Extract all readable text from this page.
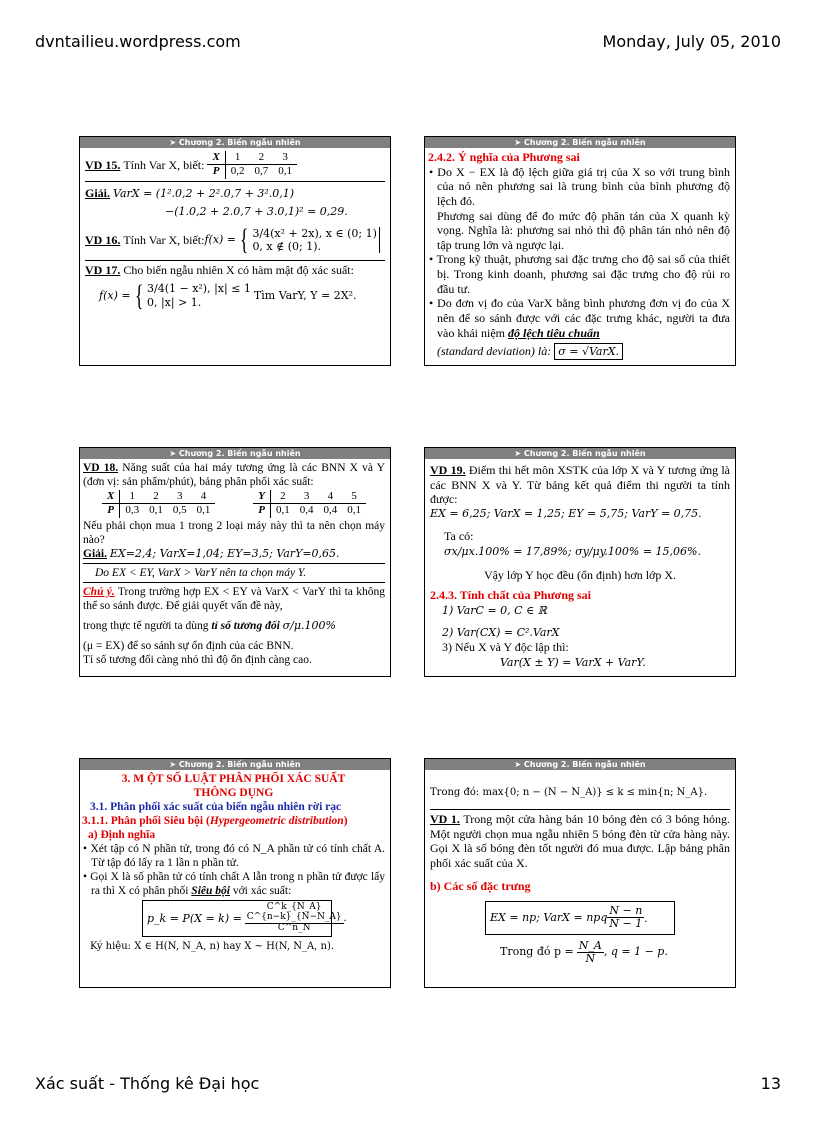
dvntailieu.wordpress.com	Monday, July 05, 2010
➤ Chương 2. Biến ngẫu nhiên
VD 15.
Tính Var X, biết:

X	1	2	3
P	0,2	0,7	0,1

Giải. VarX = (1².0,2 + 2².0,7 + 3².0,1)

−(1.0,2 + 2.0,7 + 3.0,1)² = 0,29.

VD 16.
Tính Var X, biết: f(x) = { 3/4(x² + 2x), x ∈ (0; 1)
0, x ∉ (0; 1).

VD 17. Cho biến ngẫu nhiên X có hàm mật độ xác suất:

f(x) = { 3/4(1 − x²), |x| ≤ 1
0, |x| > 1.

Tìm VarY, Y = 2X².
➤ Chương 2. Biến ngẫu nhiên

2.4.2. Ý nghĩa của Phương sai

• Do X − EX là độ lệch giữa giá trị của X so với trung bình của nó nên phương sai là trung bình của bình phương độ lệch đó.

Phương sai dùng để đo mức độ phân tán của X quanh kỳ vọng. Nghĩa là: phương sai nhỏ thì độ phân tán nhỏ nên độ tập trung lớn và ngược lại.

• Trong kỹ thuật, phương sai đặc trưng cho độ sai số của thiết bị. Trong kinh doanh, phương sai đặc trưng cho độ rủi ro đầu tư.

• Do đơn vị đo của VarX bằng bình phương đơn vị đo của X nên để so sánh được với các đặc trưng khác, người ta đưa vào khái niệm độ lệch tiêu chuẩn

(standard deviation) là: σ = √VarX.

➤ Chương 2. Biến ngẫu nhiên

VD 18. Năng suất của hai máy tương ứng là các BNN X và Y (đơn vị: sản phẩm/phút), bảng phân phối xác suất:

X	1	2	3	4
P	0,3	0,1	0,5	0,1
Y	2	3	4	5
P	0,1	0,4	0,4	0,1

Nếu phải chọn mua 1 trong 2 loại máy này thì ta nên chọn máy nào?

Giải. EX=2,4; VarX=1,04; EY=3,5; VarY=0,65.

Do EX < EY, VarX > VarY nên ta chọn máy Y.

Chú ý. Trong trường hợp EX < EY và VarX < VarY thì ta không thể so sánh được. Để giải quyết vấn đề này,

trong thực tế người ta dùng tỉ số tương đối σ/μ.100%

(μ = EX) để so sánh sự ổn định của các BNN.

Tỉ số tương đối càng nhỏ thì độ ổn định càng cao.

➤ Chương 2. Biến ngẫu nhiên

VD 19. Điểm thi hết môn XSTK của lớp X và Y tương ứng là các BNN X và Y. Từ bảng kết quả điểm thi người ta tính được:

EX = 6,25; VarX = 1,25; EY = 5,75; VarY = 0,75.

Ta có: σx/μx.100% = 17,89%; σy/μy.100% = 15,06%.

Vậy lớp Y học đều (ổn định) hơn lớp X.

2.4.3. Tính chất của Phương sai

1) VarC = 0, C ∈ ℝ

2) Var(CX) = C².VarX

3) Nếu X và Y độc lập thì:

Var(X ± Y) = VarX + VarY.

➤ Chương 2. Biến ngẫu nhiên

3. M ỘT SỐ LUẬT PHÂN PHỐI XÁC SUẤT THÔNG DỤNG

3.1. Phân phối xác suất của biến ngẫu nhiên rời rạc

3.1.1. Phân phối Siêu bội (Hypergeometric distribution)

a) Định nghĩa

• Xét tập có N phần tử, trong đó có N_A phần tử có tính chất A. Từ tập đó lấy ra 1 lần n phần tử.

• Gọi X là số phần tử có tính chất A lẫn trong n phần tử được lấy ra thì X có phân phối Siêu bội với xác suất:

p_k = P(X = k) =
$\frac{C\^{}k\_\{N\_A\} C\^{}\{n-k\}\_\{N-N\_A\}}{C\^{}n\_N}$ .

Ký hiệu: X ∈ H(N, N_A, n) hay X ~ H(N, N_A, n).

➤ Chương 2. Biến ngẫu nhiên

Trong đó: max{0; n − (N − N_A)} ≤ k ≤ min{n; N_A}.

VD 1. Trong một cửa hàng bán 10 bóng đèn có 3 bóng hỏng. Một người chọn mua ngẫu nhiên 5 bóng đèn từ cửa hàng này. Gọi X là số bóng đèn tốt người đó mua được. Lập bảng phân phối xác suất của X.

b) Các số đặc trưng

EX = np; VarX = npq $\frac{N - n}{N - 1}$ .
Trong đó p =
$\frac{N\_A}{N}$ , q = 1 − p.
Xác suất - Thống kê Đại học	13
